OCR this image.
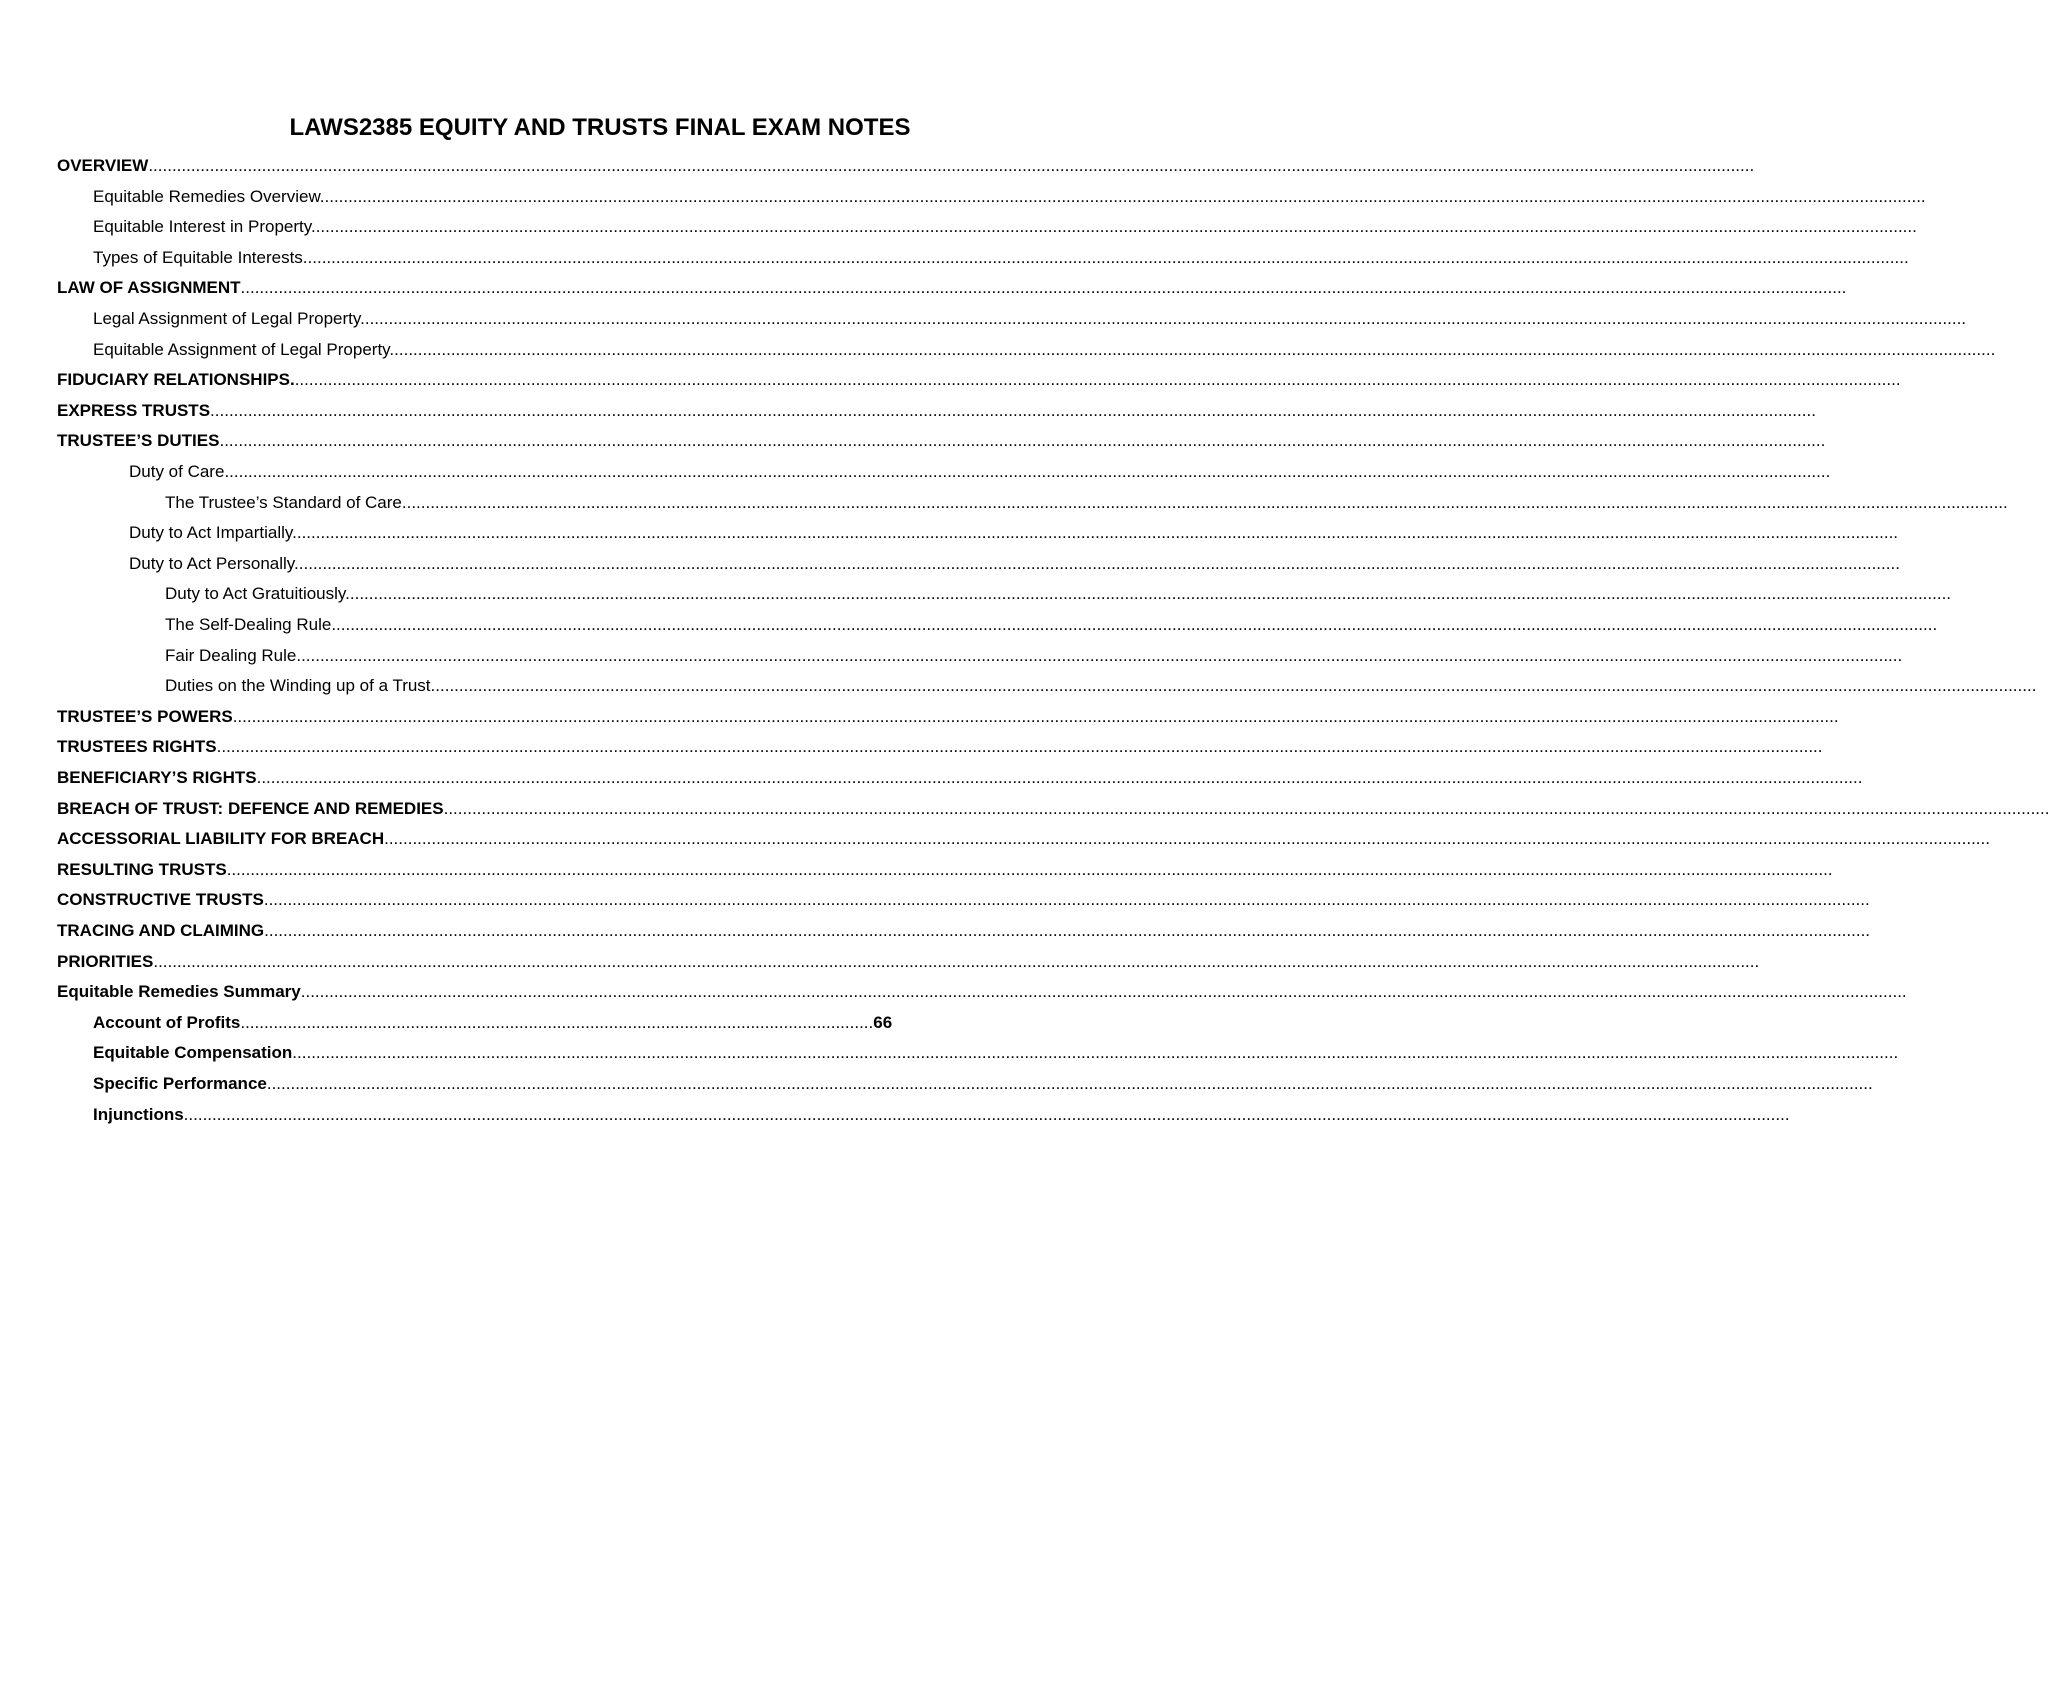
LAWS2385 EQUITY AND TRUSTS FINAL EXAM NOTES
OVERVIEW....................................................................................................................................................................................................................................................................................................................................................
Equitable Remedies Overview....................................................................................................................................................................................................................................................................................................................................................
Equitable Interest in Property....................................................................................................................................................................................................................................................................................................................................................
Types of Equitable Interests....................................................................................................................................................................................................................................................................................................................................................
LAW OF ASSIGNMENT....................................................................................................................................................................................................................................................................................................................................................
Legal Assignment of Legal Property....................................................................................................................................................................................................................................................................................................................................................
Equitable Assignment of Legal Property....................................................................................................................................................................................................................................................................................................................................................
FIDUCIARY RELATIONSHIPS.....................................................................................................................................................................................................................................................................................................................................................
EXPRESS TRUSTS....................................................................................................................................................................................................................................................................................................................................................
TRUSTEE’S DUTIES....................................................................................................................................................................................................................................................................................................................................................
Duty of Care....................................................................................................................................................................................................................................................................................................................................................
The Trustee’s Standard of Care....................................................................................................................................................................................................................................................................................................................................................
Duty to Act Impartially....................................................................................................................................................................................................................................................................................................................................................
Duty to Act Personally....................................................................................................................................................................................................................................................................................................................................................
Duty to Act Gratuitiously....................................................................................................................................................................................................................................................................................................................................................
The Self-Dealing Rule....................................................................................................................................................................................................................................................................................................................................................
Fair Dealing Rule....................................................................................................................................................................................................................................................................................................................................................
Duties on the Winding up of a Trust....................................................................................................................................................................................................................................................................................................................................................
TRUSTEE’S POWERS....................................................................................................................................................................................................................................................................................................................................................
TRUSTEES RIGHTS....................................................................................................................................................................................................................................................................................................................................................
BENEFICIARY’S RIGHTS....................................................................................................................................................................................................................................................................................................................................................
BREACH OF TRUST: DEFENCE AND REMEDIES....................................................................................................................................................................................................................................................................................................................................................
ACCESSORIAL LIABILITY FOR BREACH....................................................................................................................................................................................................................................................................................................................................................
RESULTING TRUSTS....................................................................................................................................................................................................................................................................................................................................................
CONSTRUCTIVE TRUSTS....................................................................................................................................................................................................................................................................................................................................................
TRACING AND CLAIMING....................................................................................................................................................................................................................................................................................................................................................
PRIORITIES....................................................................................................................................................................................................................................................................................................................................................
Equitable Remedies Summary....................................................................................................................................................................................................................................................................................................................................................
Account of Profits......................................................................................................................................66
Equitable Compensation....................................................................................................................................................................................................................................................................................................................................................
Specific Performance....................................................................................................................................................................................................................................................................................................................................................
Injunctions....................................................................................................................................................................................................................................................................................................................................................
